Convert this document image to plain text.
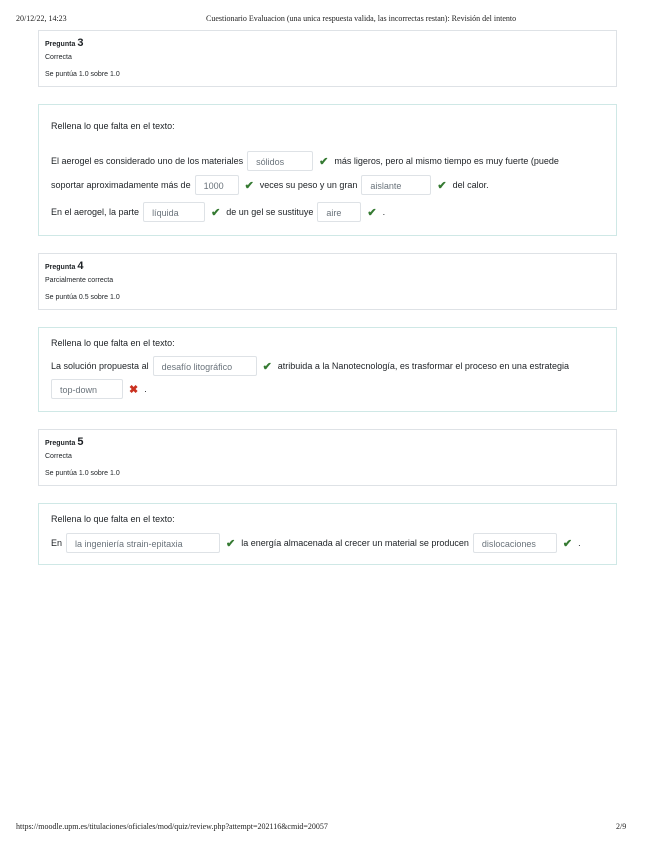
20/12/22, 14:23	Cuestionario Evaluacion (una unica respuesta valida, las incorrectas restan): Revisión del intento
Pregunta 3
Correcta
Se puntúa 1.0 sobre 1.0
Rellena lo que falta en el texto:
El aerogel es considerado uno de los materiales	sólidos	✔ más ligeros, pero al mismo tiempo es muy fuerte (puede
soportar aproximadamente más de	1000	✔ veces su peso y un gran	aislante	✔ del calor.
En el aerogel, la parte	líquida	✔ de un gel se sustituye	aire	✔ .
Pregunta 4
Parcialmente correcta
Se puntúa 0.5 sobre 1.0
Rellena lo que falta en el texto:
La solución propuesta al	desafío litográfico	✔ atribuida a la Nanotecnología, es trasformar el proceso en una estrategia
top-down	✖ .
Pregunta 5
Correcta
Se puntúa 1.0 sobre 1.0
Rellena lo que falta en el texto:
En	la ingeniería strain-epitaxia	✔ la energía almacenada al crecer un material se producen	dislocaciones	✔ .
https://moodle.upm.es/titulaciones/oficiales/mod/quiz/review.php?attempt=202116&cmid=20057	2/9
